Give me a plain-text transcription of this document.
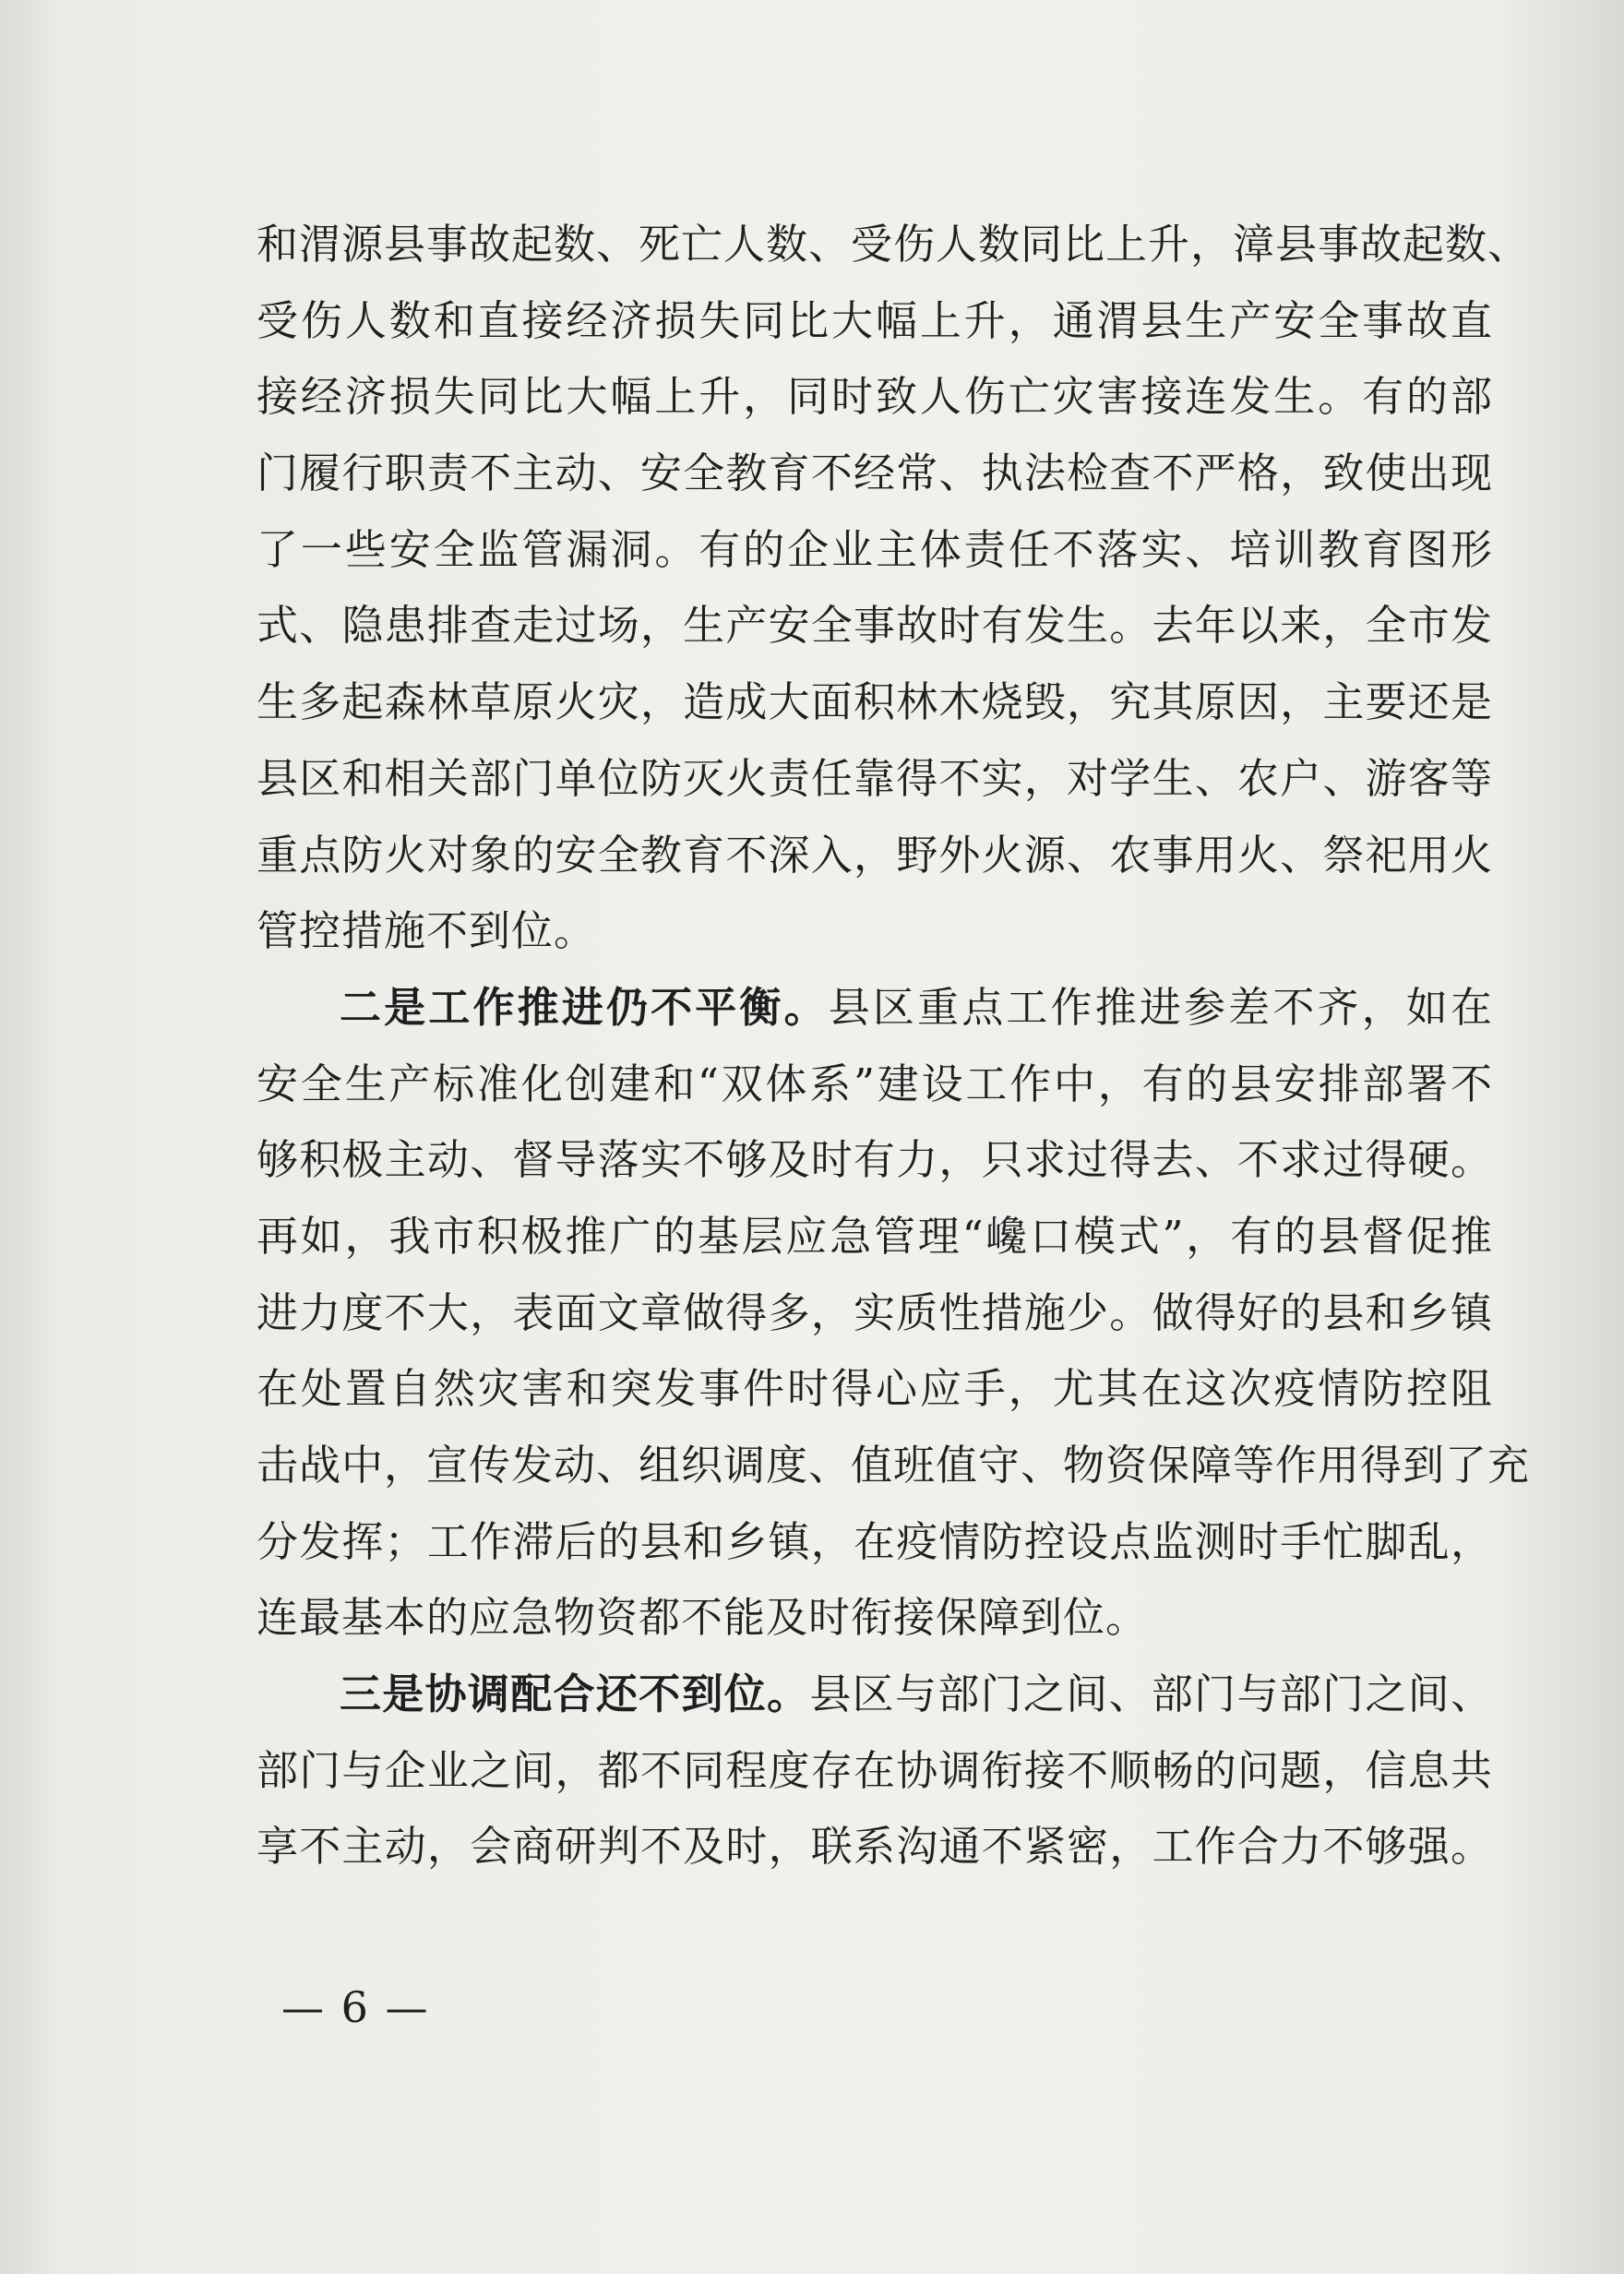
和渭源县事故起数、死亡人数、受伤人数同比上升，漳县事故起数、
受伤人数和直接经济损失同比大幅上升，通渭县生产安全事故直
接经济损失同比大幅上升，同时致人伤亡灾害接连发生。有的部
门履行职责不主动、安全教育不经常、执法检查不严格，致使出现
了一些安全监管漏洞。有的企业主体责任不落实、培训教育图形
式、隐患排查走过场，生产安全事故时有发生。去年以来，全市发
生多起森林草原火灾，造成大面积林木烧毁，究其原因，主要还是
县区和相关部门单位防灭火责任靠得不实，对学生、农户、游客等
重点防火对象的安全教育不深入，野外火源、农事用火、祭祀用火
管控措施不到位。
二是工作推进仍不平衡。县区重点工作推进参差不齐，如在
安全生产标准化创建和“双体系”建设工作中，有的县安排部署不
够积极主动、督导落实不够及时有力，只求过得去、不求过得硬。
再如，我市积极推广的基层应急管理“巉口模式”，有的县督促推
进力度不大，表面文章做得多，实质性措施少。做得好的县和乡镇
在处置自然灾害和突发事件时得心应手，尤其在这次疫情防控阻
击战中，宣传发动、组织调度、值班值守、物资保障等作用得到了充
分发挥；工作滞后的县和乡镇，在疫情防控设点监测时手忙脚乱，
连最基本的应急物资都不能及时衔接保障到位。
三是协调配合还不到位。县区与部门之间、部门与部门之间、
部门与企业之间，都不同程度存在协调衔接不顺畅的问题，信息共
享不主动，会商研判不及时，联系沟通不紧密，工作合力不够强。
— 6 —
